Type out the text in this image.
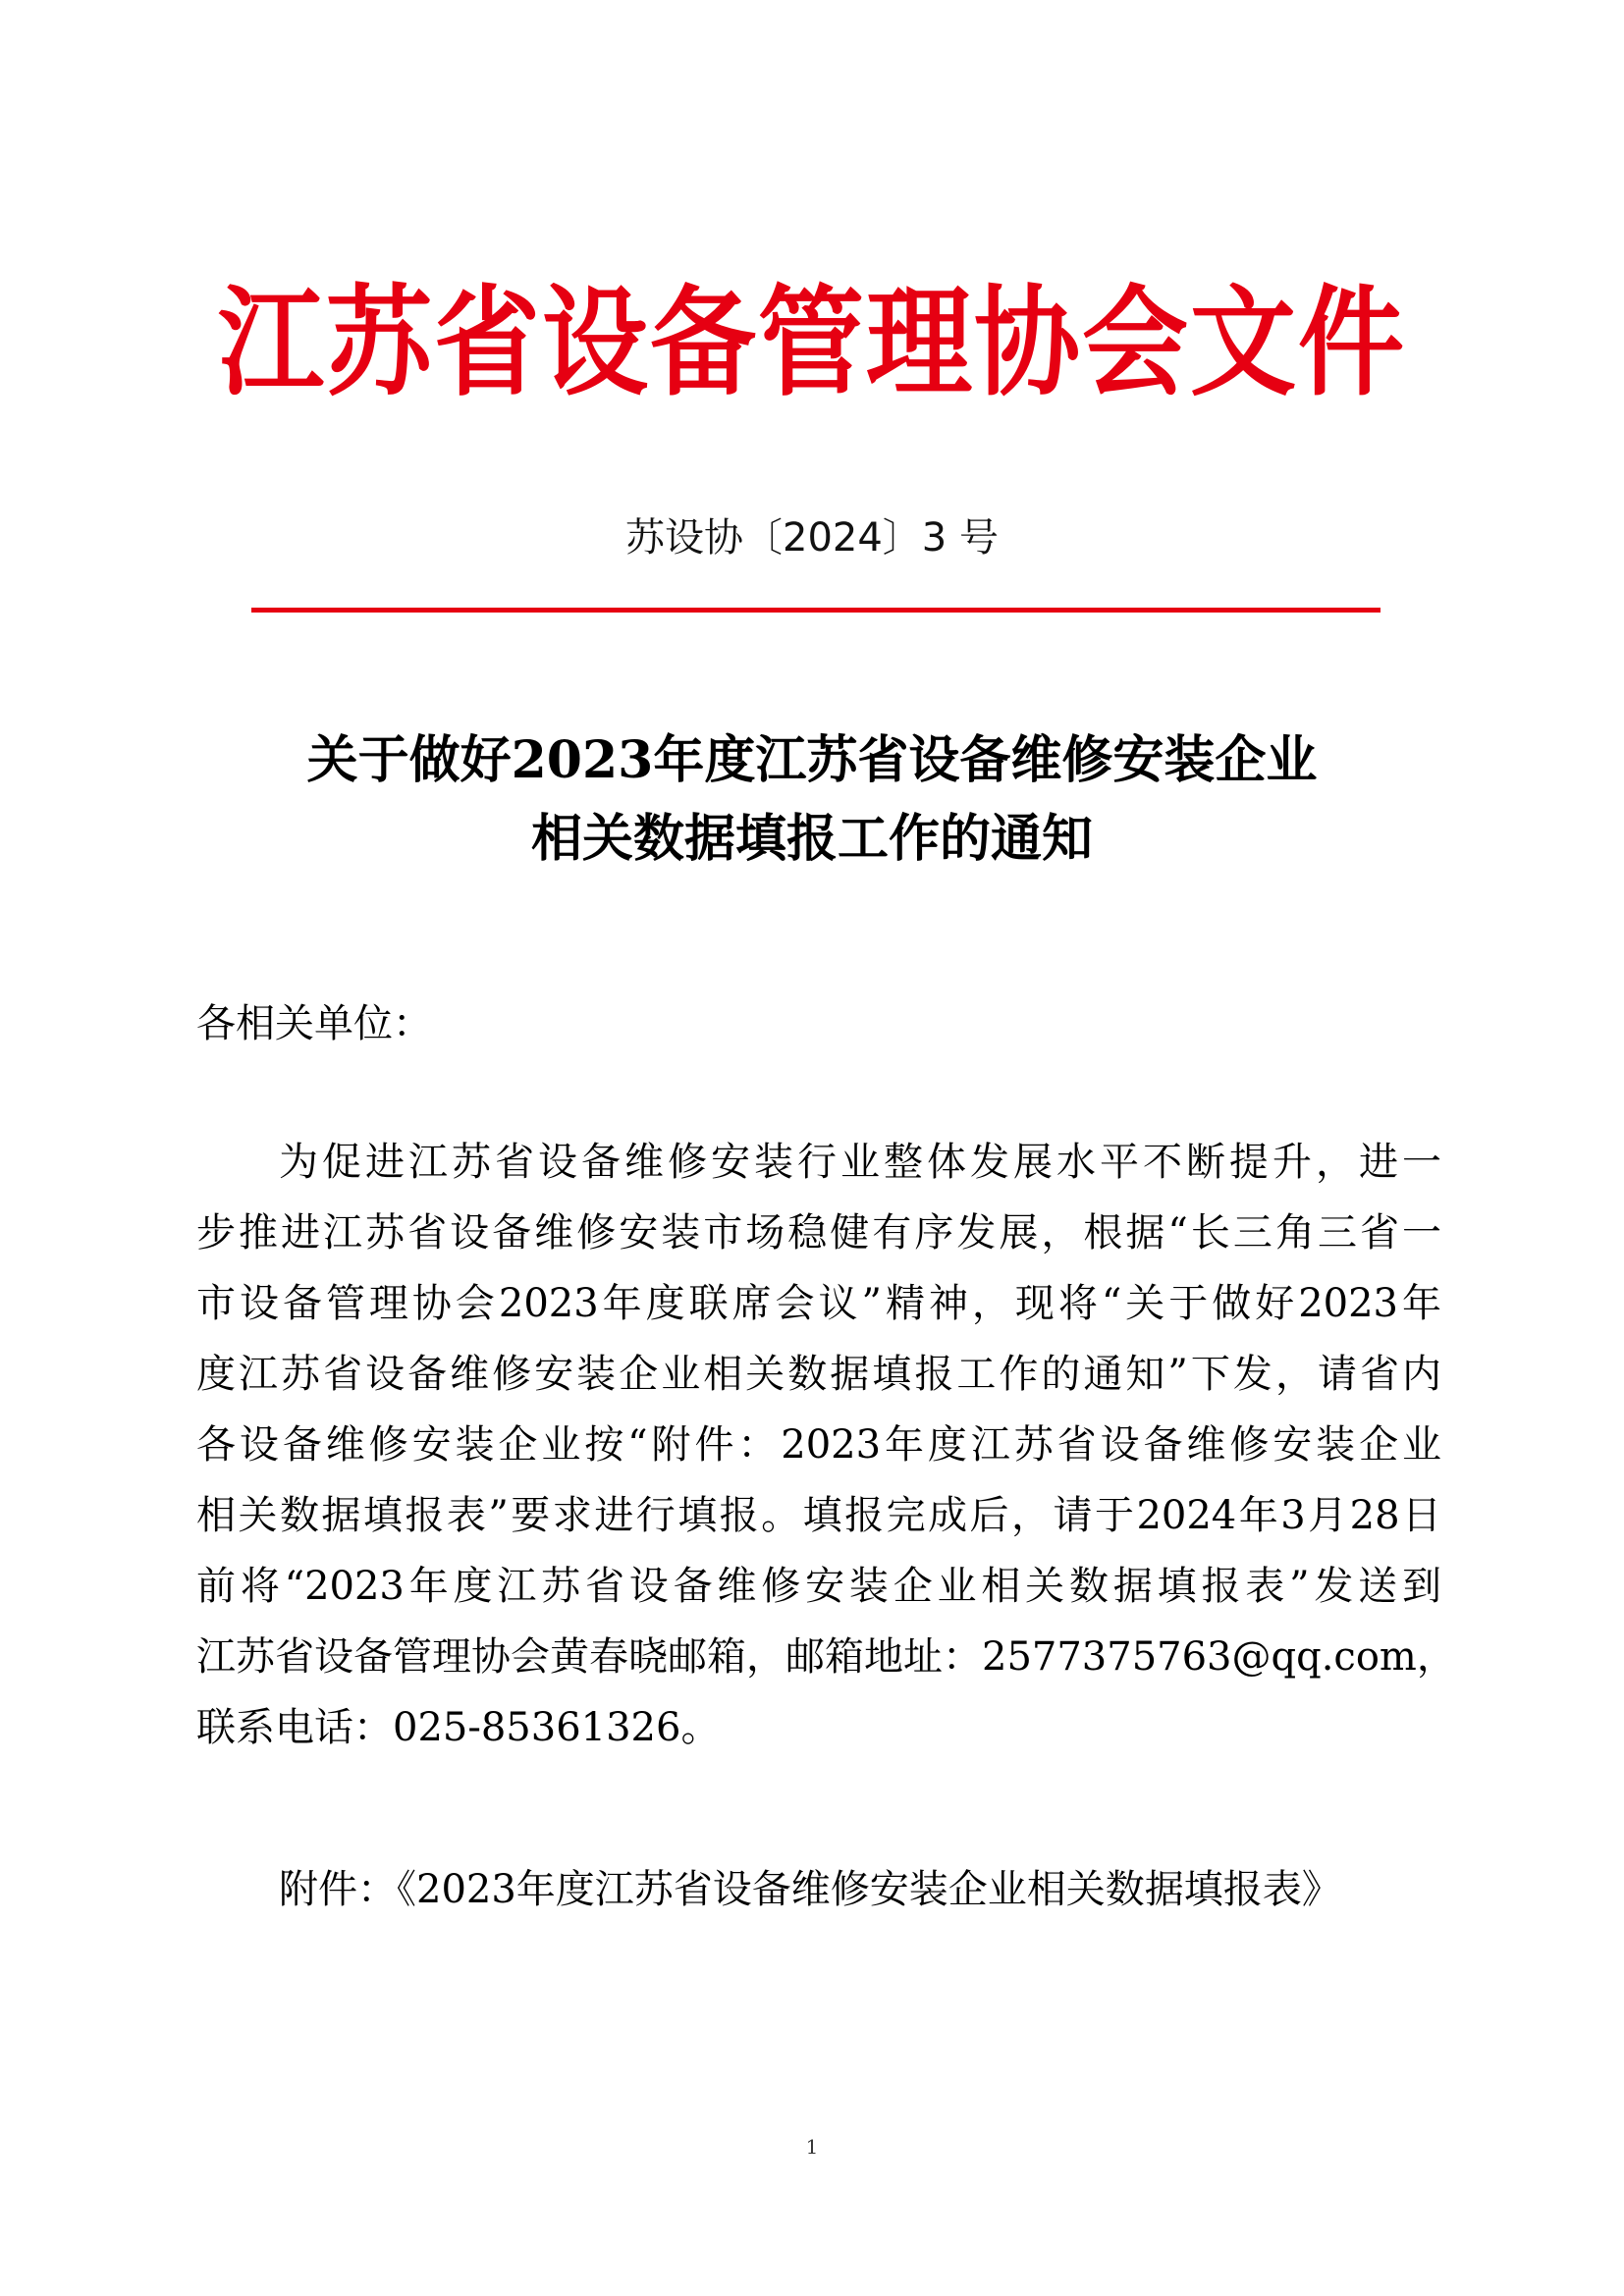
江苏省设备管理协会文件
苏设协〔2024〕3 号
关于做好2023年度江苏省设备维修安装企业
相关数据填报工作的通知
各相关单位：
为促进江苏省设备维修安装行业整体发展水平不断提升，进一
步推进江苏省设备维修安装市场稳健有序发展，根据“长三角三省一
市设备管理协会2023年度联席会议”精神，现将“关于做好2023年
度江苏省设备维修安装企业相关数据填报工作的通知”下发，请省内
各设备维修安装企业按“附件：2023年度江苏省设备维修安装企业
相关数据填报表”要求进行填报。填报完成后，请于2024年3月28日
前将“2023年度江苏省设备维修安装企业相关数据填报表”发送到
江苏省设备管理协会黄春晓邮箱，邮箱地址：2577375763@qq.com，
联系电话：025-85361326。
附件：《2023年度江苏省设备维修安装企业相关数据填报表》
1
